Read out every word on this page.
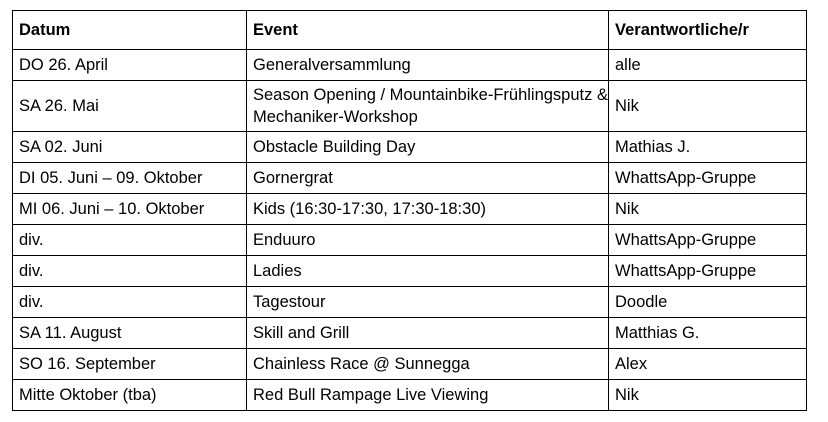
Datum	Event	Verantwortliche/r
DO 26. April	Generalversammlung	alle
SA 26. Mai	Season Opening / Mountainbike-Frühlingsputz & Mechaniker-Workshop	Nik
SA 02. Juni	Obstacle Building Day	Mathias J.
DI 05. Juni – 09. Oktober	Gornergrat	WhattsApp-Gruppe
MI 06. Juni – 10. Oktober	Kids (16:30-17:30, 17:30-18:30)	Nik
div.	Enduuro	WhattsApp-Gruppe
div.	Ladies	WhattsApp-Gruppe
div.	Tagestour	Doodle
SA 11. August	Skill and Grill	Matthias G.
SO 16. September	Chainless Race @ Sunnegga	Alex
Mitte Oktober (tba)	Red Bull Rampage Live Viewing	Nik
